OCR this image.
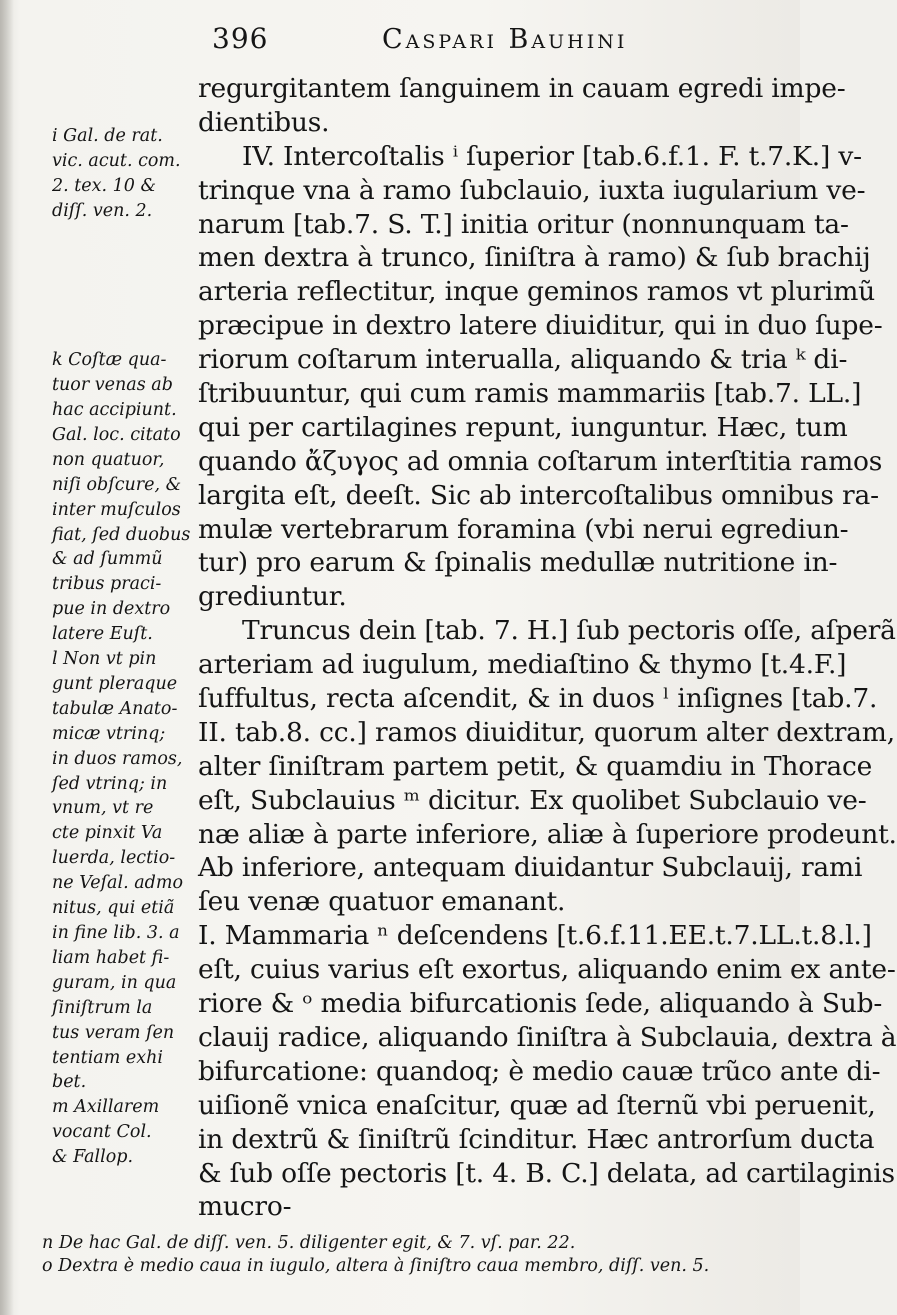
396	Caspari Bauhini
regurgitantem ſanguinem in cauam egredi impe-
dientibus.
IV. Intercoſtalis ⁱ ſuperior [tab.6.f.1. F. t.7.K.] v-
trinque vna à ramo ſubclauio, iuxta iugularium ve-
narum [tab.7. S. T.] initia oritur (nonnunquam ta-
men dextra à trunco, ſiniſtra à ramo) & ſub brachij
arteria reflectitur, inque geminos ramos vt plurimũ
præcipue in dextro latere diuiditur, qui in duo ſupe-
riorum coſtarum interualla, aliquando & tria ᵏ di-
ſtribuuntur, qui cum ramis mammariis [tab.7. LL.]
qui per cartilagines repunt, iunguntur. Hæc, tum
quando ἄζυγος ad omnia coſtarum interſtitia ramos
largita eſt, deeſt. Sic ab intercoſtalibus omnibus ra-
mulæ vertebrarum foramina (vbi nerui egrediun-
tur) pro earum & ſpinalis medullæ nutritione in-
grediuntur.
Truncus dein [tab. 7. H.] ſub pectoris oſſe, aſperã
arteriam ad iugulum, mediaſtino & thymo [t.4.F.]
ſuffultus, recta aſcendit, & in duos ˡ inſignes [tab.7.
II. tab.8. cc.] ramos diuiditur, quorum alter dextram,
alter ſiniſtram partem petit, & quamdiu in Thorace
eſt, Subclauius ᵐ dicitur. Ex quolibet Subclauio ve-
næ aliæ à parte inferiore, aliæ à ſuperiore prodeunt.
Ab inferiore, antequam diuidantur Subclauij, rami
ſeu venæ quatuor emanant.
I. Mammaria ⁿ deſcendens [t.6.f.11.EE.t.7.LL.t.8.l.]
eſt, cuius varius eſt exortus, aliquando enim ex ante-
riore & ᵒ media bifurcationis ſede, aliquando à Sub-
clauij radice, aliquando ſiniſtra à Subclauia, dextra à
bifurcatione: quandoq; è medio cauæ trũco ante di-
uiſionẽ vnica enaſcitur, quæ ad ſternũ vbi peruenit,
in dextrũ & ſiniſtrũ ſcinditur. Hæc antrorſum ducta
& ſub oſſe pectoris [t. 4. B. C.] delata, ad cartilaginis
mucro-
i Gal. de rat.
vic. acut. com.
2. tex. 10 &
diſſ. ven. 2.

k Coſtæ qua-
tuor venas ab
hac accipiunt.
Gal. loc. citato
non quatuor,
niſi obſcure, &
inter muſculos
fiat, ſed duobus
& ad ſummũ
tribus praci-
pue in dextro
latere Euſt.
l Non vt pin
gunt pleraque
tabulæ Anato-
micæ vtrinq;
in duos ramos,
ſed vtrinq; in
vnum, vt re
cte pinxit Va
luerda, lectio-
ne Veſal. admo
nitus, qui etiã
in fine lib. 3. a
liam habet fi-
guram, in qua
ſiniſtrum la
tus veram ſen
tentiam exhi
bet.
m Axillarem
vocant Col.
& Fallop.
n De hac Gal. de diſſ. ven. 5. diligenter egit, & 7. vſ. par. 22.
o Dextra è medio caua in iugulo, altera à ſiniſtro caua membro, diſſ. ven. 5.
